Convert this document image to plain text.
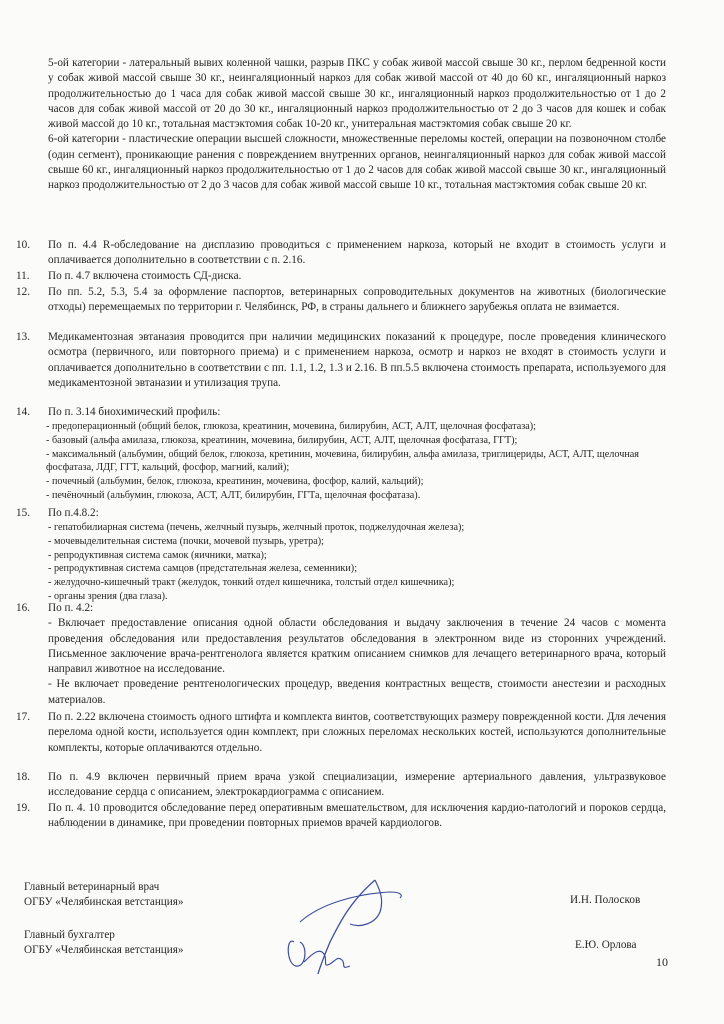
5-ой категории - латеральный вывих коленной чашки, разрыв ПКС у собак живой массой свыше 30 кг., перлом бедренной кости у собак живой массой свыше 30 кг., неингаляционный наркоз для собак живой массой от 40 до 60 кг., ингаляционный наркоз продолжительностью до 1 часа для собак живой массой свыше 30 кг., ингаляционный наркоз продолжительностью от 1 до 2 часов для собак живой массой от 20 до 30 кг., ингаляционный наркоз продолжительностью от 2 до 3 часов для кошек и собак живой массой до 10 кг., тотальная мастэктомия собак 10-20 кг., унитеральная мастэктомия собак свыше 20 кг.

6-ой категории - пластические операции высшей сложности, множественные переломы костей, операции на позвоночном столбе (один сегмент), проникающие ранения с повреждением внутренних органов, неингаляционный наркоз для собак живой массой свыше 60 кг., ингаляционный наркоз продолжительностью от 1 до 2 часов для собак живой массой свыше 30 кг., ингаляционный наркоз продолжительностью от 2 до 3 часов для собак живой массой свыше 10 кг., тотальная мастэктомия собак свыше 20 кг.

10. По п. 4.4 R-обследование на дисплазию проводиться с применением наркоза, который не входит в стоимость услуги и оплачивается дополнительно в соответствии с п. 2.16.

11. По п. 4.7 включена стоимость СД-диска.

12. По пп. 5.2, 5.3, 5.4 за оформление паспортов, ветеринарных сопроводительных документов на животных (биологические отходы) перемещаемых по территории г. Челябинск, РФ, в страны дальнего и ближнего зарубежья оплата не взимается.

13. Медикаментозная эвтаназия проводится при наличии медицинских показаний к процедуре, после проведения клинического осмотра (первичного, или повторного приема) и с применением наркоза, осмотр и наркоз не входят в стоимость услуги и оплачивается дополнительно в соответствии с пп. 1.1, 1.2, 1.3 и 2.16. В пп.5.5 включена стоимость препарата, используемого для медикаментозной эвтаназии и утилизация трупа.

14. По п. 3.14 биохимический профиль:

- предоперационный (общий белок, глюкоза, креатинин, мочевина, билирубин, АСТ, АЛТ, щелочная фосфатаза);

- базовый (альфа амилаза, глюкоза, креатинин, мочевина, билирубин, АСТ, АЛТ, щелочная фосфатаза, ГГТ);

- максимальный (альбумин, общий белок, глюкоза, кретинин, мочевина, билирубин, альфа амилаза, триглицериды, АСТ, АЛТ, щелочная фосфатаза, ЛДГ, ГГТ, кальций, фосфор, магний, калий);

- почечный (альбумин, белок, глюкоза, креатинин, мочевина, фосфор, калий, кальций);

- печёночный (альбумин, глюкоза, АСТ, АЛТ, билирубин, ГГТа, щелочная фосфатаза).

15. По п.4.8.2:

- гепатобилиарная система (печень, желчный пузырь, желчный проток, поджелудочная железа);

- мочевыделительная система (почки, мочевой пузырь, уретра);

- репродуктивная система самок (яичники, матка);

- репродуктивная система самцов (предстательная железа, семенники);

- желудочно-кишечный тракт (желудок, тонкий отдел кишечника, толстый отдел кишечника);

- органы зрения (два глаза).

16. По п. 4.2:

- Включает предоставление описания одной области обследования и выдачу заключения в течение 24 часов с момента проведения обследования или предоставления результатов обследования в электронном виде из сторонних учреждений. Письменное заключение врача-рентгенолога является кратким описанием снимков для лечащего ветеринарного врача, который направил животное на исследование.

- Не включает проведение рентгенологических процедур, введения контрастных веществ, стоимости анестезии и расходных материалов.

17. По п. 2.22 включена стоимость одного штифта и комплекта винтов, соответствующих размеру поврежденной кости. Для лечения перелома одной кости, используется один комплект, при сложных переломах нескольких костей, используются дополнительные комплекты, которые оплачиваются отдельно.

18. По п. 4.9 включен первичный прием врача узкой специализации, измерение артериального давления, ультразвуковое исследование сердца с описанием, электрокардиограмма с описанием.

19. По п. 4. 10 проводится обследование перед оперативным вмешательством, для исключения кардио-патологий и пороков сердца, наблюдении в динамике, при проведении повторных приемов врачей кардиологов.

Главный ветеринарный врач
ОГБУ «Челябинская ветстанция»	И.Н. Полосков
Главный бухгалтер
ОГБУ «Челябинская ветстанция»	Е.Ю. Орлова
10
